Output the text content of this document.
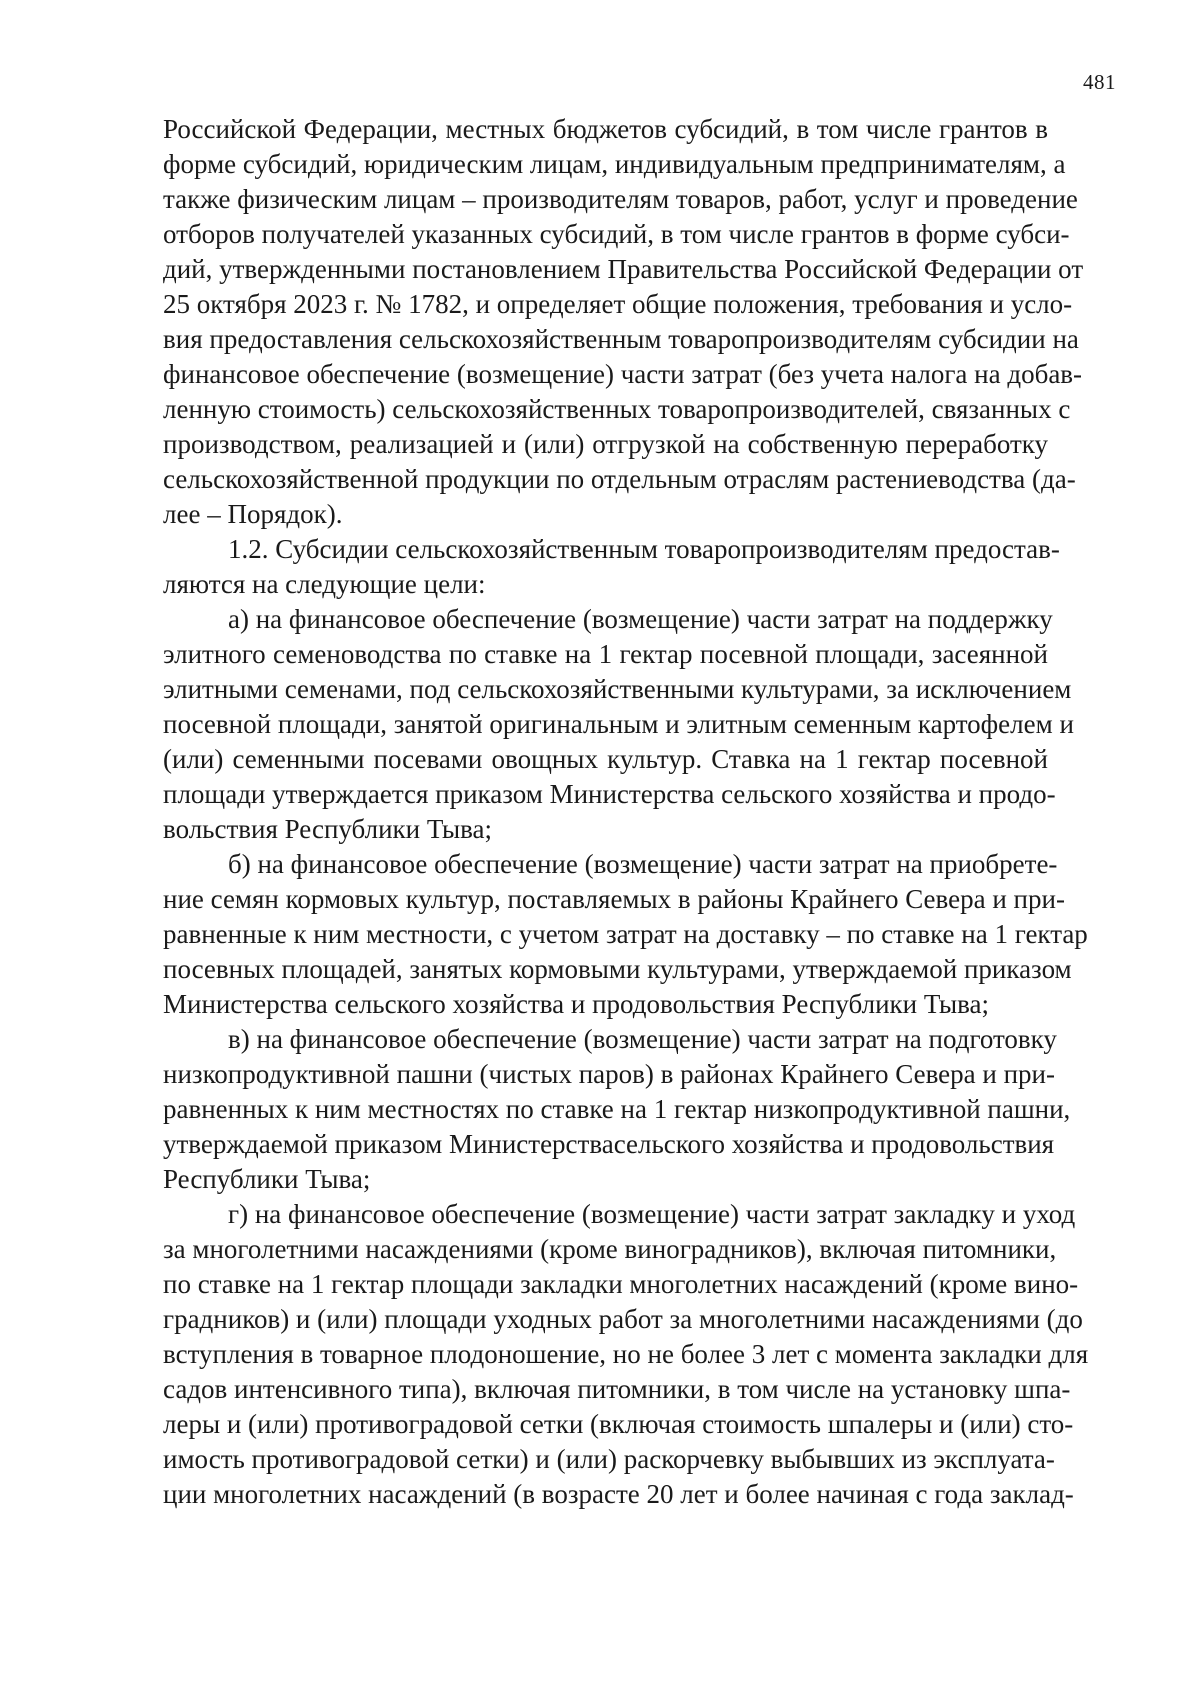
481
Российской Федерации, местных бюджетов субсидий, в том числе грантов в
форме субсидий, юридическим лицам, индивидуальным предпринимателям, а
также физическим лицам – производителям товаров, работ, услуг и проведение
отборов получателей указанных субсидий, в том числе грантов в форме субси-
дий, утвержденными постановлением Правительства Российской Федерации от
25 октября 2023 г. № 1782, и определяет общие положения, требования и усло-
вия предоставления сельскохозяйственным товаропроизводителям субсидии на
финансовое обеспечение (возмещение) части затрат (без учета налога на добав-
ленную стоимость) сельскохозяйственных товаропроизводителей, связанных с
производством, реализацией и (или) отгрузкой на собственную переработку
сельскохозяйственной продукции по отдельным отраслям растениеводства (да-
лее – Порядок).
1.2. Субсидии сельскохозяйственным товаропроизводителям предостав-
ляются на следующие цели:
а) на финансовое обеспечение (возмещение) части затрат на поддержку
элитного семеноводства по ставке на 1 гектар посевной площади, засеянной
элитными семенами, под сельскохозяйственными культурами, за исключением
посевной площади, занятой оригинальным и элитным семенным картофелем и
(или) семенными посевами овощных культур. Ставка на 1 гектар посевной
площади утверждается приказом Министерства сельского хозяйства и продо-
вольствия Республики Тыва;
б) на финансовое обеспечение (возмещение) части затрат на приобрете-
ние семян кормовых культур, поставляемых в районы Крайнего Севера и при-
равненные к ним местности, с учетом затрат на доставку – по ставке на 1 гектар
посевных площадей, занятых кормовыми культурами, утверждаемой приказом
Министерства сельского хозяйства и продовольствия Республики Тыва;
в) на финансовое обеспечение (возмещение) части затрат на подготовку
низкопродуктивной пашни (чистых паров) в районах Крайнего Севера и при-
равненных к ним местностях по ставке на 1 гектар низкопродуктивной пашни,
утверждаемой приказом Министерствасельского хозяйства и продовольствия
Республики Тыва;
г) на финансовое обеспечение (возмещение) части затрат закладку и уход
за многолетними насаждениями (кроме виноградников), включая питомники,
по ставке на 1 гектар площади закладки многолетних насаждений (кроме вино-
градников) и (или) площади уходных работ за многолетними насаждениями (до
вступления в товарное плодоношение, но не более 3 лет с момента закладки для
садов интенсивного типа), включая питомники, в том числе на установку шпа-
леры и (или) противоградовой сетки (включая стоимость шпалеры и (или) сто-
имость противоградовой сетки) и (или) раскорчевку выбывших из эксплуата-
ции многолетних насаждений (в возрасте 20 лет и более начиная с года заклад-
